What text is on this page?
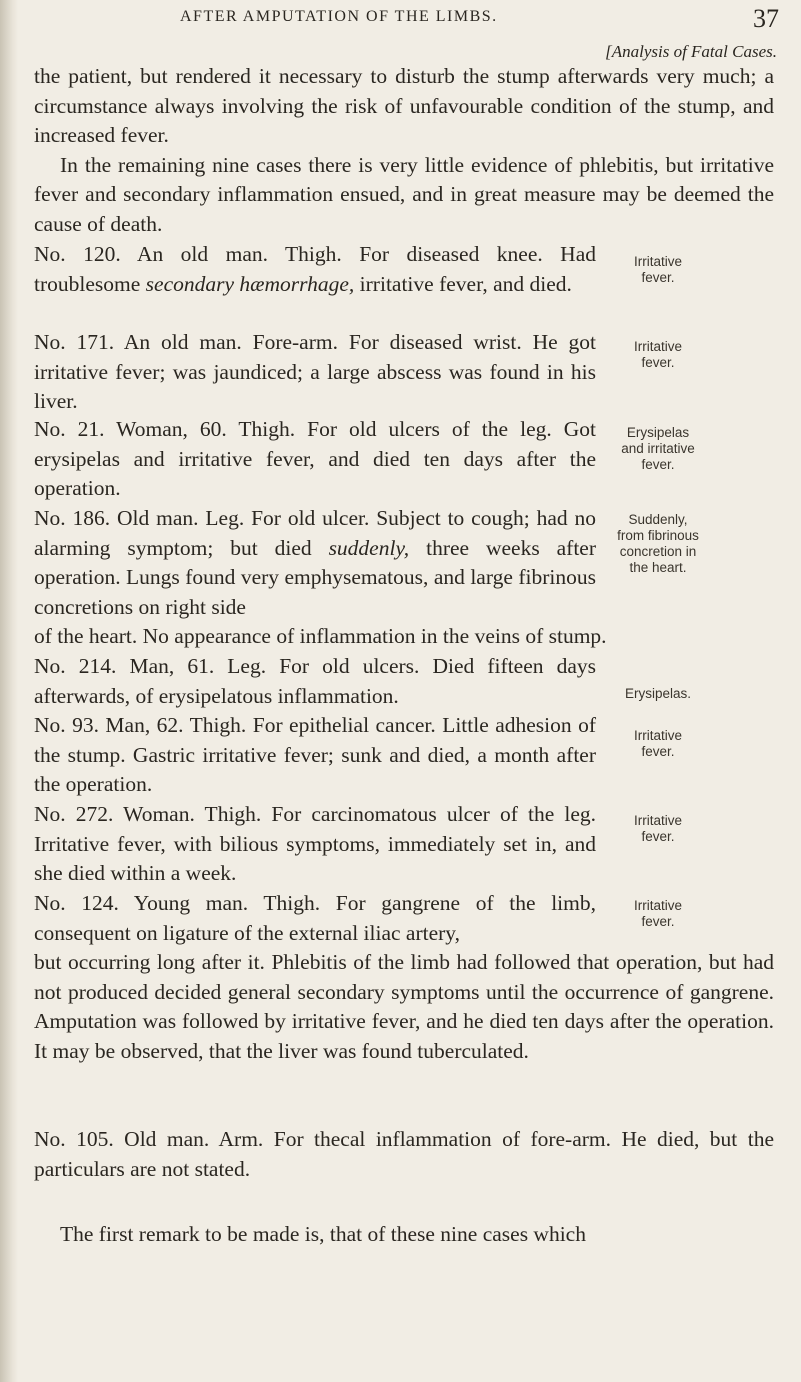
AFTER AMPUTATION OF THE LIMBS.	37
[Analysis of Fatal Cases.

the patient, but rendered it necessary to disturb the stump afterwards very much; a circumstance always involving the risk of unfavourable condition of the stump, and increased fever.

In the remaining nine cases there is very little evidence of phlebitis, but irritative fever and secondary inflammation ensued, and in great measure may be deemed the cause of death.

No. 120. An old man. Thigh. For diseased knee. Had troublesome secondary hæmorrhage, irritative fever, and died.

Irritative fever.

No. 171. An old man. Fore-arm. For diseased wrist. He got irritative fever; was jaundiced; a large abscess was found in his liver.

Irritative fever.

No. 21. Woman, 60. Thigh. For old ulcers of the leg. Got erysipelas and irritative fever, and died ten days after the operation.

Erysipelas and irritative fever.

No. 186. Old man. Leg. For old ulcer. Subject to cough; had no alarming symptom; but died suddenly, three weeks after operation. Lungs found very emphysematous, and large fibrinous concretions on right side

Suddenly, from fibrinous concretion in the heart.

of the heart. No appearance of inflammation in the veins of stump.

No. 214. Man, 61. Leg. For old ulcers. Died fifteen days afterwards, of erysipelatous inflammation.	Erysipelas.

No. 93. Man, 62. Thigh. For epithelial cancer. Little adhesion of the stump. Gastric irritative fever; sunk and died, a month after the operation.

Irritative fever.

No. 272. Woman. Thigh. For carcinomatous ulcer of the leg. Irritative fever, with bilious symptoms, immediately set in, and she died within a week.

Irritative fever.

No. 124. Young man. Thigh. For gangrene of the limb, consequent on ligature of the external iliac artery,

Irritative fever.

but occurring long after it. Phlebitis of the limb had followed that operation, but had not produced decided general secondary symptoms until the occurrence of gangrene. Amputation was followed by irritative fever, and he died ten days after the operation. It may be observed, that the liver was found tuberculated.

No. 105. Old man. Arm. For thecal inflammation of fore-arm. He died, but the particulars are not stated.

The first remark to be made is, that of these nine cases which
